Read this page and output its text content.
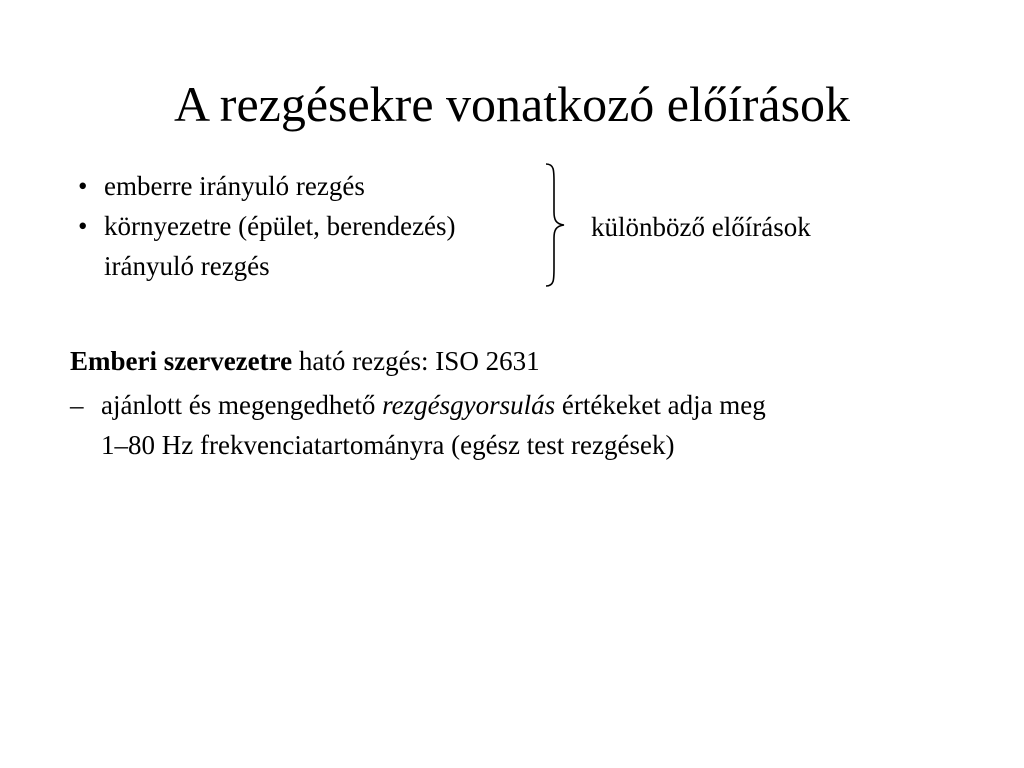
A rezgésekre vonatkozó előírások
• emberre irányuló rezgés
• környezetre (épület, berendezés)
irányuló rezgés
különböző előírások

Emberi szervezetre ható rezgés: ISO 2631

– ajánlott és megengedhető rezgésgyorsulás értékeket adja meg
1–80 Hz frekvenciatartományra (egész test rezgések)
